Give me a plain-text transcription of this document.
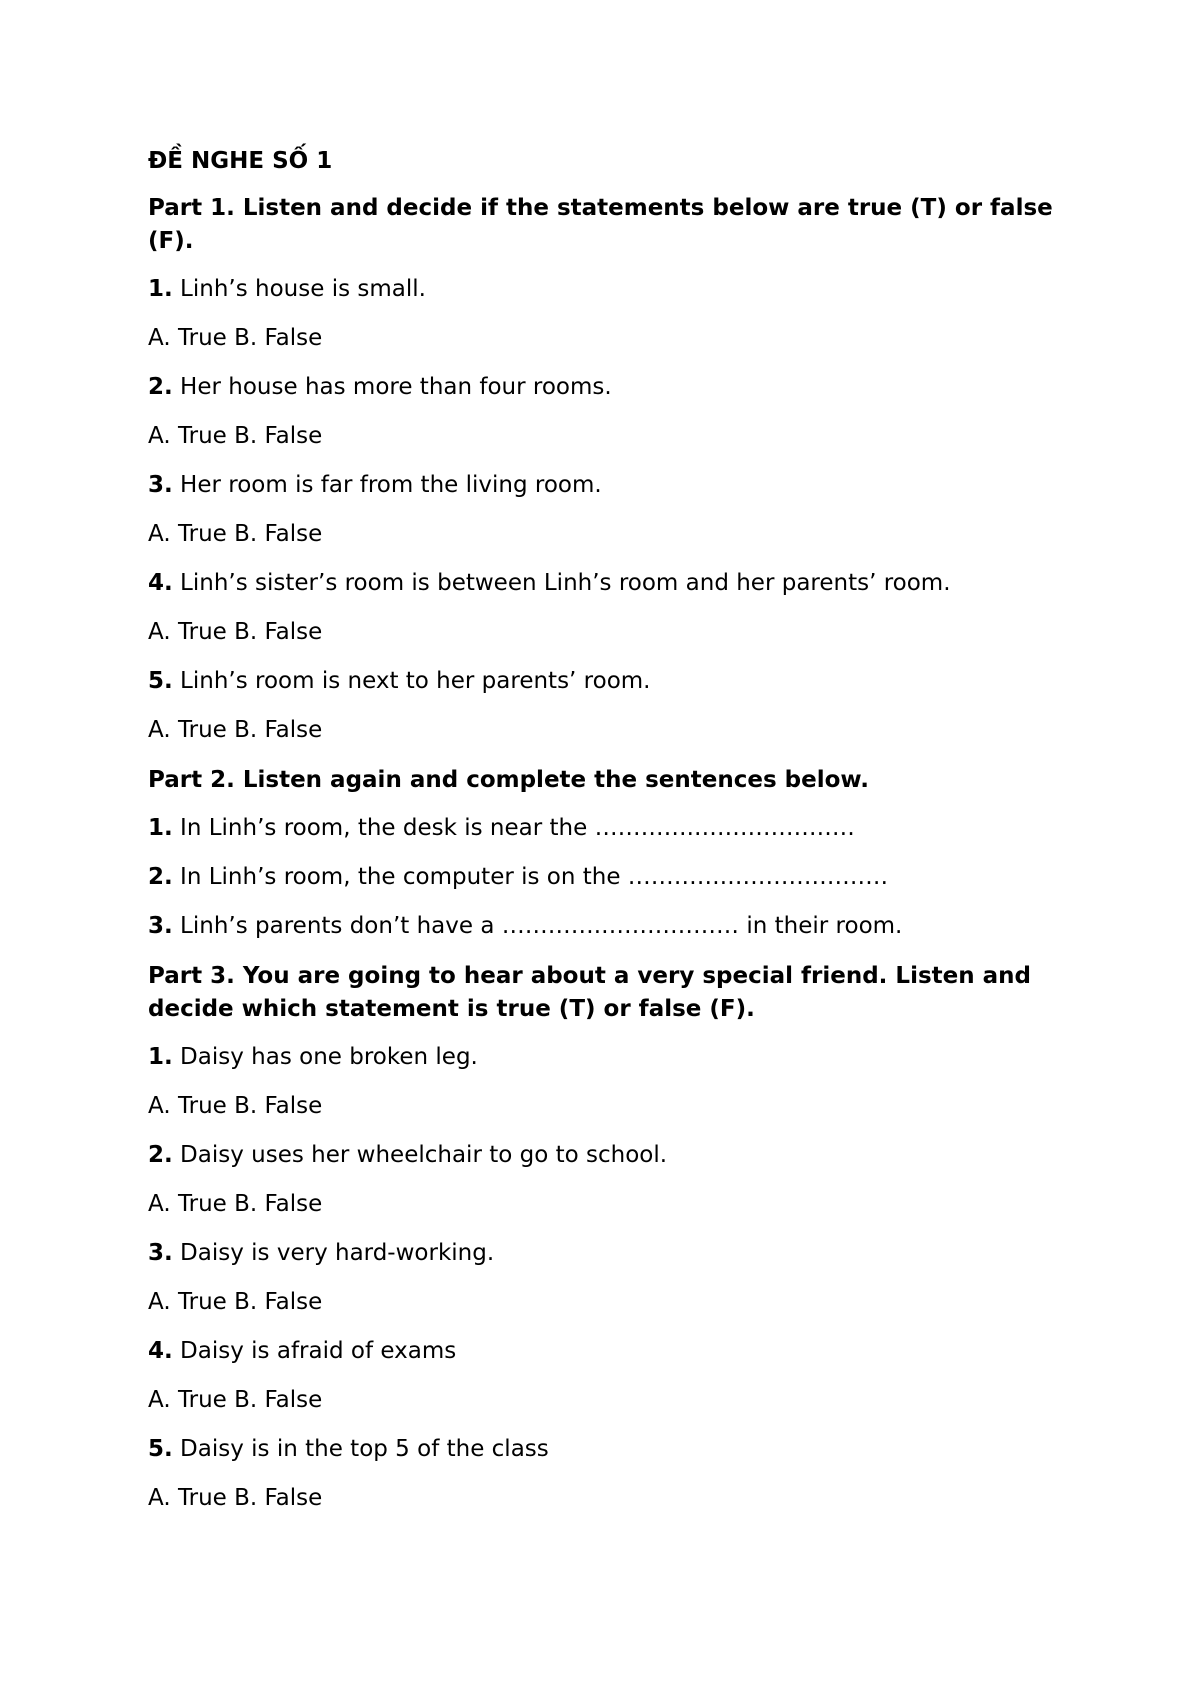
ĐỀ NGHE SỐ 1
Part 1. Listen and decide if the statements below are true (T) or false (F).
1. Linh’s house is small.
A. True B. False
2. Her house has more than four rooms.
A. True B. False
3. Her room is far from the living room.
A. True B. False
4. Linh’s sister’s room is between Linh’s room and her parents’ room.
A. True B. False
5. Linh’s room is next to her parents’ room.
A. True B. False
Part 2. Listen again and complete the sentences below.
1. In Linh’s room, the desk is near the ………….…………………
2. In Linh’s room, the computer is on the ………….…………………
3. Linh’s parents don’t have a ………….……………… in their room.
Part 3. You are going to hear about a very special friend. Listen and decide which statement is true (T) or false (F).
1. Daisy has one broken leg.
A. True B. False
2. Daisy uses her wheelchair to go to school.
A. True B. False
3. Daisy is very hard-working.
A. True B. False
4. Daisy is afraid of exams
A. True B. False
5. Daisy is in the top 5 of the class
A. True B. False
